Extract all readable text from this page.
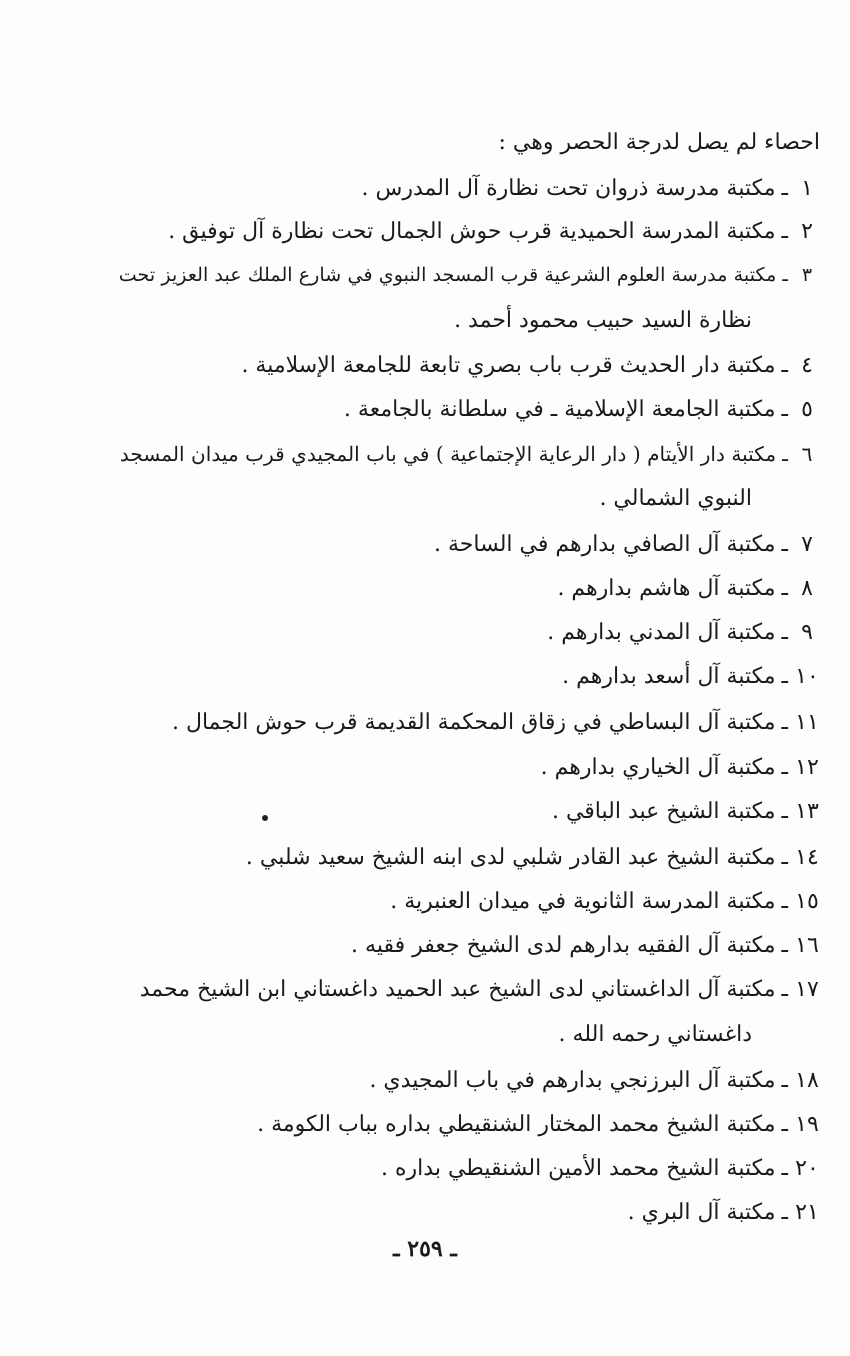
احصاء لم يصل لدرجة الحصر وهي :
١ـمكتبة مدرسة ذروان تحت نظارة آل المدرس .
٢ـمكتبة المدرسة الحميدية قرب حوش الجمال تحت نظارة آل توفيق .
٣ـمكتبة مدرسة العلوم الشرعية قرب المسجد النبوي في شارع الملك عبد العزيز تحت
نظارة السيد حبيب محمود أحمد .
٤ـمكتبة دار الحديث قرب باب بصري تابعة للجامعة الإسلامية .
٥ـمكتبة الجامعة الإسلامية ـ في سلطانة بالجامعة .
٦ـمكتبة دار الأيتام ( دار الرعاية الإجتماعية ) في باب المجيدي قرب ميدان المسجد
النبوي الشمالي .
٧ـمكتبة آل الصافي بدارهم في الساحة .
٨ـمكتبة آل هاشم بدارهم .
٩ـمكتبة آل المدني بدارهم .
١٠ـمكتبة آل أسعد بدارهم .
١١ـمكتبة آل البساطي في زقاق المحكمة القديمة قرب حوش الجمال .
١٢ـمكتبة آل الخياري بدارهم .
١٣ـمكتبة الشيخ عبد الباقي .
١٤ـمكتبة الشيخ عبد القادر شلبي لدى ابنه الشيخ سعيد شلبي .
١٥ـمكتبة المدرسة الثانوية في ميدان العنبرية .
١٦ـمكتبة آل الفقيه بدارهم لدى الشيخ جعفر فقيه .
١٧ـمكتبة آل الداغستاني لدى الشيخ عبد الحميد داغستاني ابن الشيخ محمد
داغستاني رحمه الله .
١٨ـمكتبة آل البرزنجي بدارهم في باب المجيدي .
١٩ـمكتبة الشيخ محمد المختار الشنقيطي بداره بباب الكومة .
٢٠ـمكتبة الشيخ محمد الأمين الشنقيطي بداره .
٢١ـمكتبة آل البري .
ـ ٢٥٩ ـ
